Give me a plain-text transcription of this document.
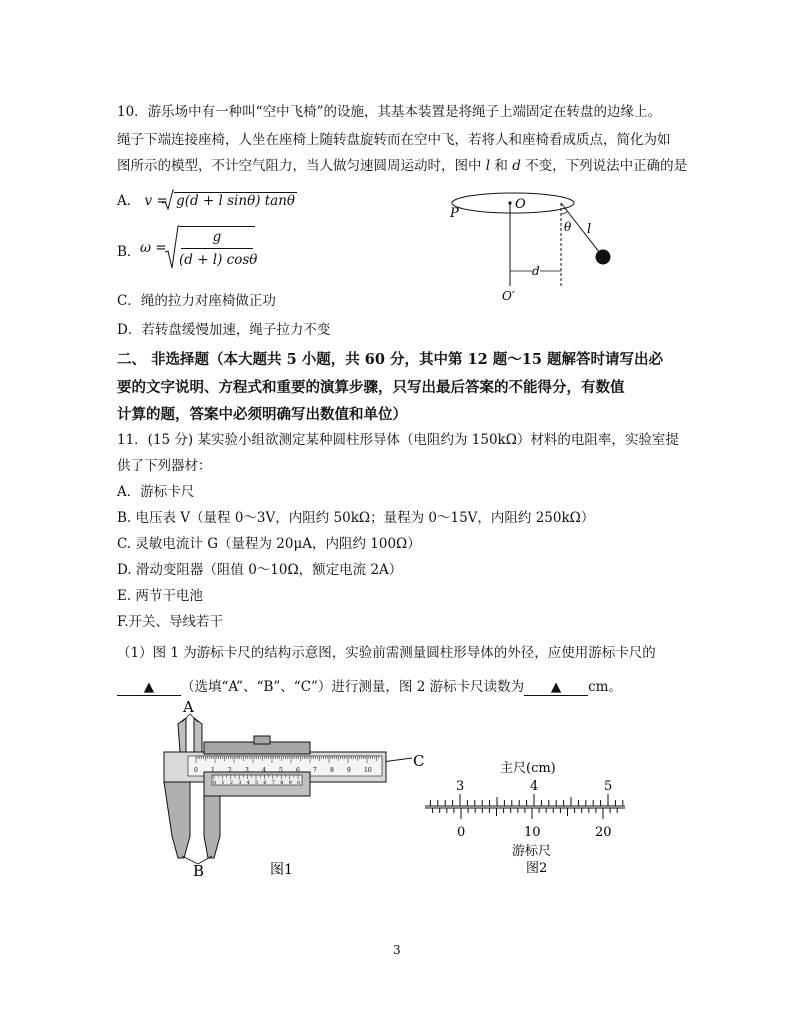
10．游乐场中有一种叫“空中飞椅”的设施，其基本装置是将绳子上端固定在转盘的边缘上。
绳子下端连接座椅，人坐在座椅上随转盘旋转而在空中飞，若将人和座椅看成质点，简化为如
图所示的模型，不计空气阻力，当人做匀速圆周运动时，图中 l 和 d 不变，下列说法中正确的是
A． v =
g(d + l sinθ) tanθ
B． ω =
g
(d + l) cosθ
C．绳的拉力对座椅做正功
D．若转盘缓慢加速，绳子拉力不变
P
O
θ l
d
O′
二、 非选择题（本大题共 5 小题，共 60 分，其中第 12 题～15 题解答时请写出必
要的文字说明、方程式和重要的演算步骤，只写出最后答案的不能得分，有数值
计算的题，答案中必须明确写出数值和单位）
11．(15 分) 某实验小组欲测定某种圆柱形导体（电阻约为 150kΩ）材料的电阻率，实验室提
供了下列器材：
A．游标卡尺
B. 电压表 V（量程 0～3V，内阻约 50kΩ；量程为 0～15V，内阻约 250kΩ）
C. 灵敏电流计 G（量程为 20μA，内阻约 100Ω）
D. 滑动变阻器（阻值 0～10Ω，额定电流 2A）
E. 两节干电池
F.开关、导线若干
（1）图 1 为游标卡尺的结构示意图，实验前需测量圆柱形导体的外径，应使用游标卡尺的
▲ （选填“A”、“B”、“C”）进行测量，图 2 游标卡尺读数为 ▲ cm。
0 1 2 3 4 5 6 7 8 9 10
0 1 2 3 4 5 6 7 8 9 0
A
B
C
图1
主尺(cm)
3	4	5
0	10	20
游标尺
图2
3
